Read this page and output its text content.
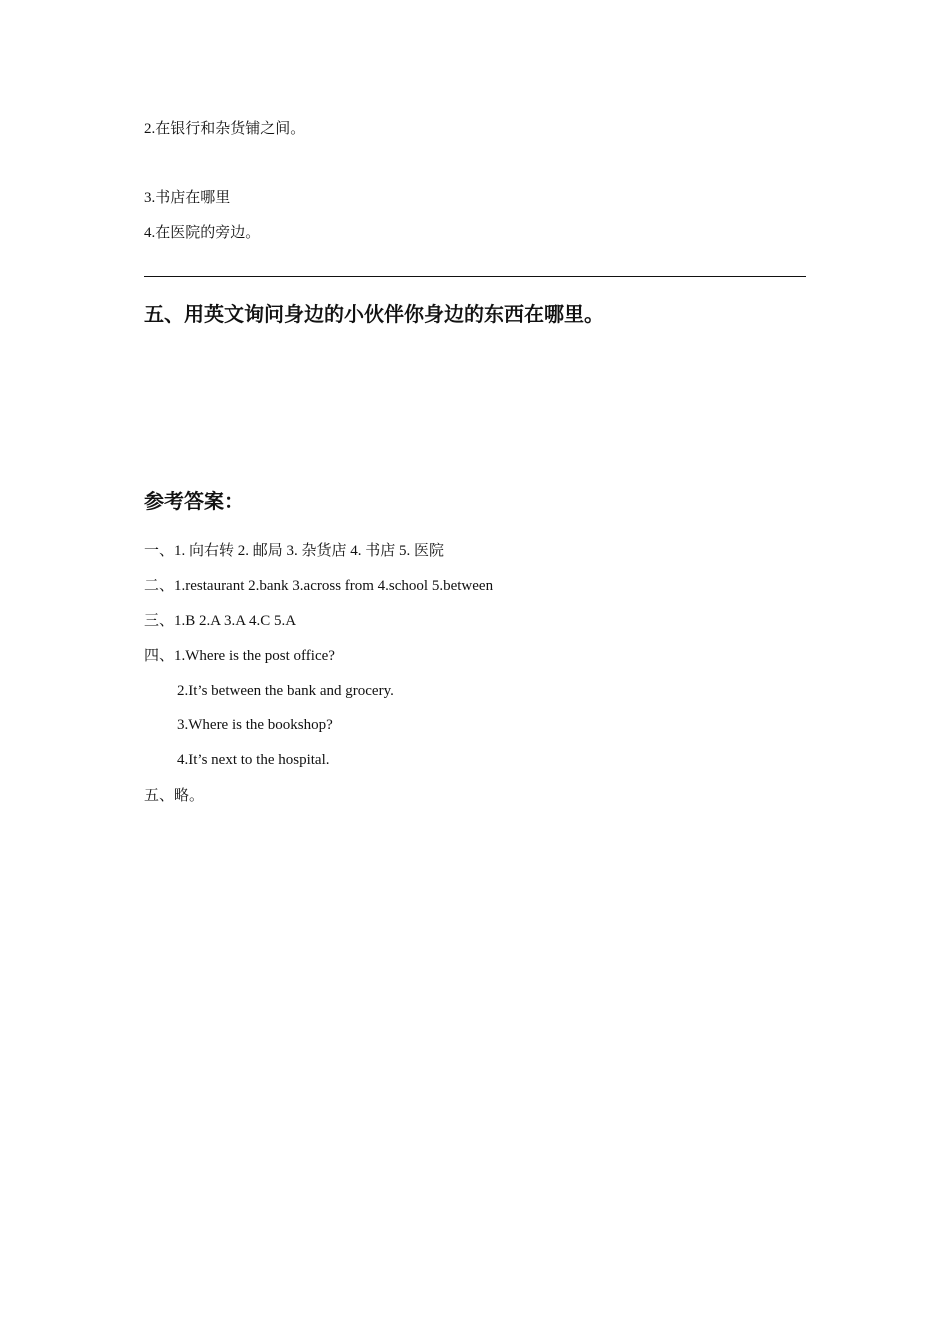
2.在银行和杂货铺之间。
3.书店在哪里
4.在医院的旁边。
五、用英文询问身边的小伙伴你身边的东西在哪里。
参考答案：
一、1. 向右转 2. 邮局 3. 杂货店 4. 书店 5. 医院
二、1.restaurant 2.bank 3.across from 4.school 5.between
三、1.B 2.A 3.A 4.C 5.A
四、1.Where is the post office?
2.It’s between the bank and grocery.
3.Where is the bookshop?
4.It’s next to the hospital.
五、略。
